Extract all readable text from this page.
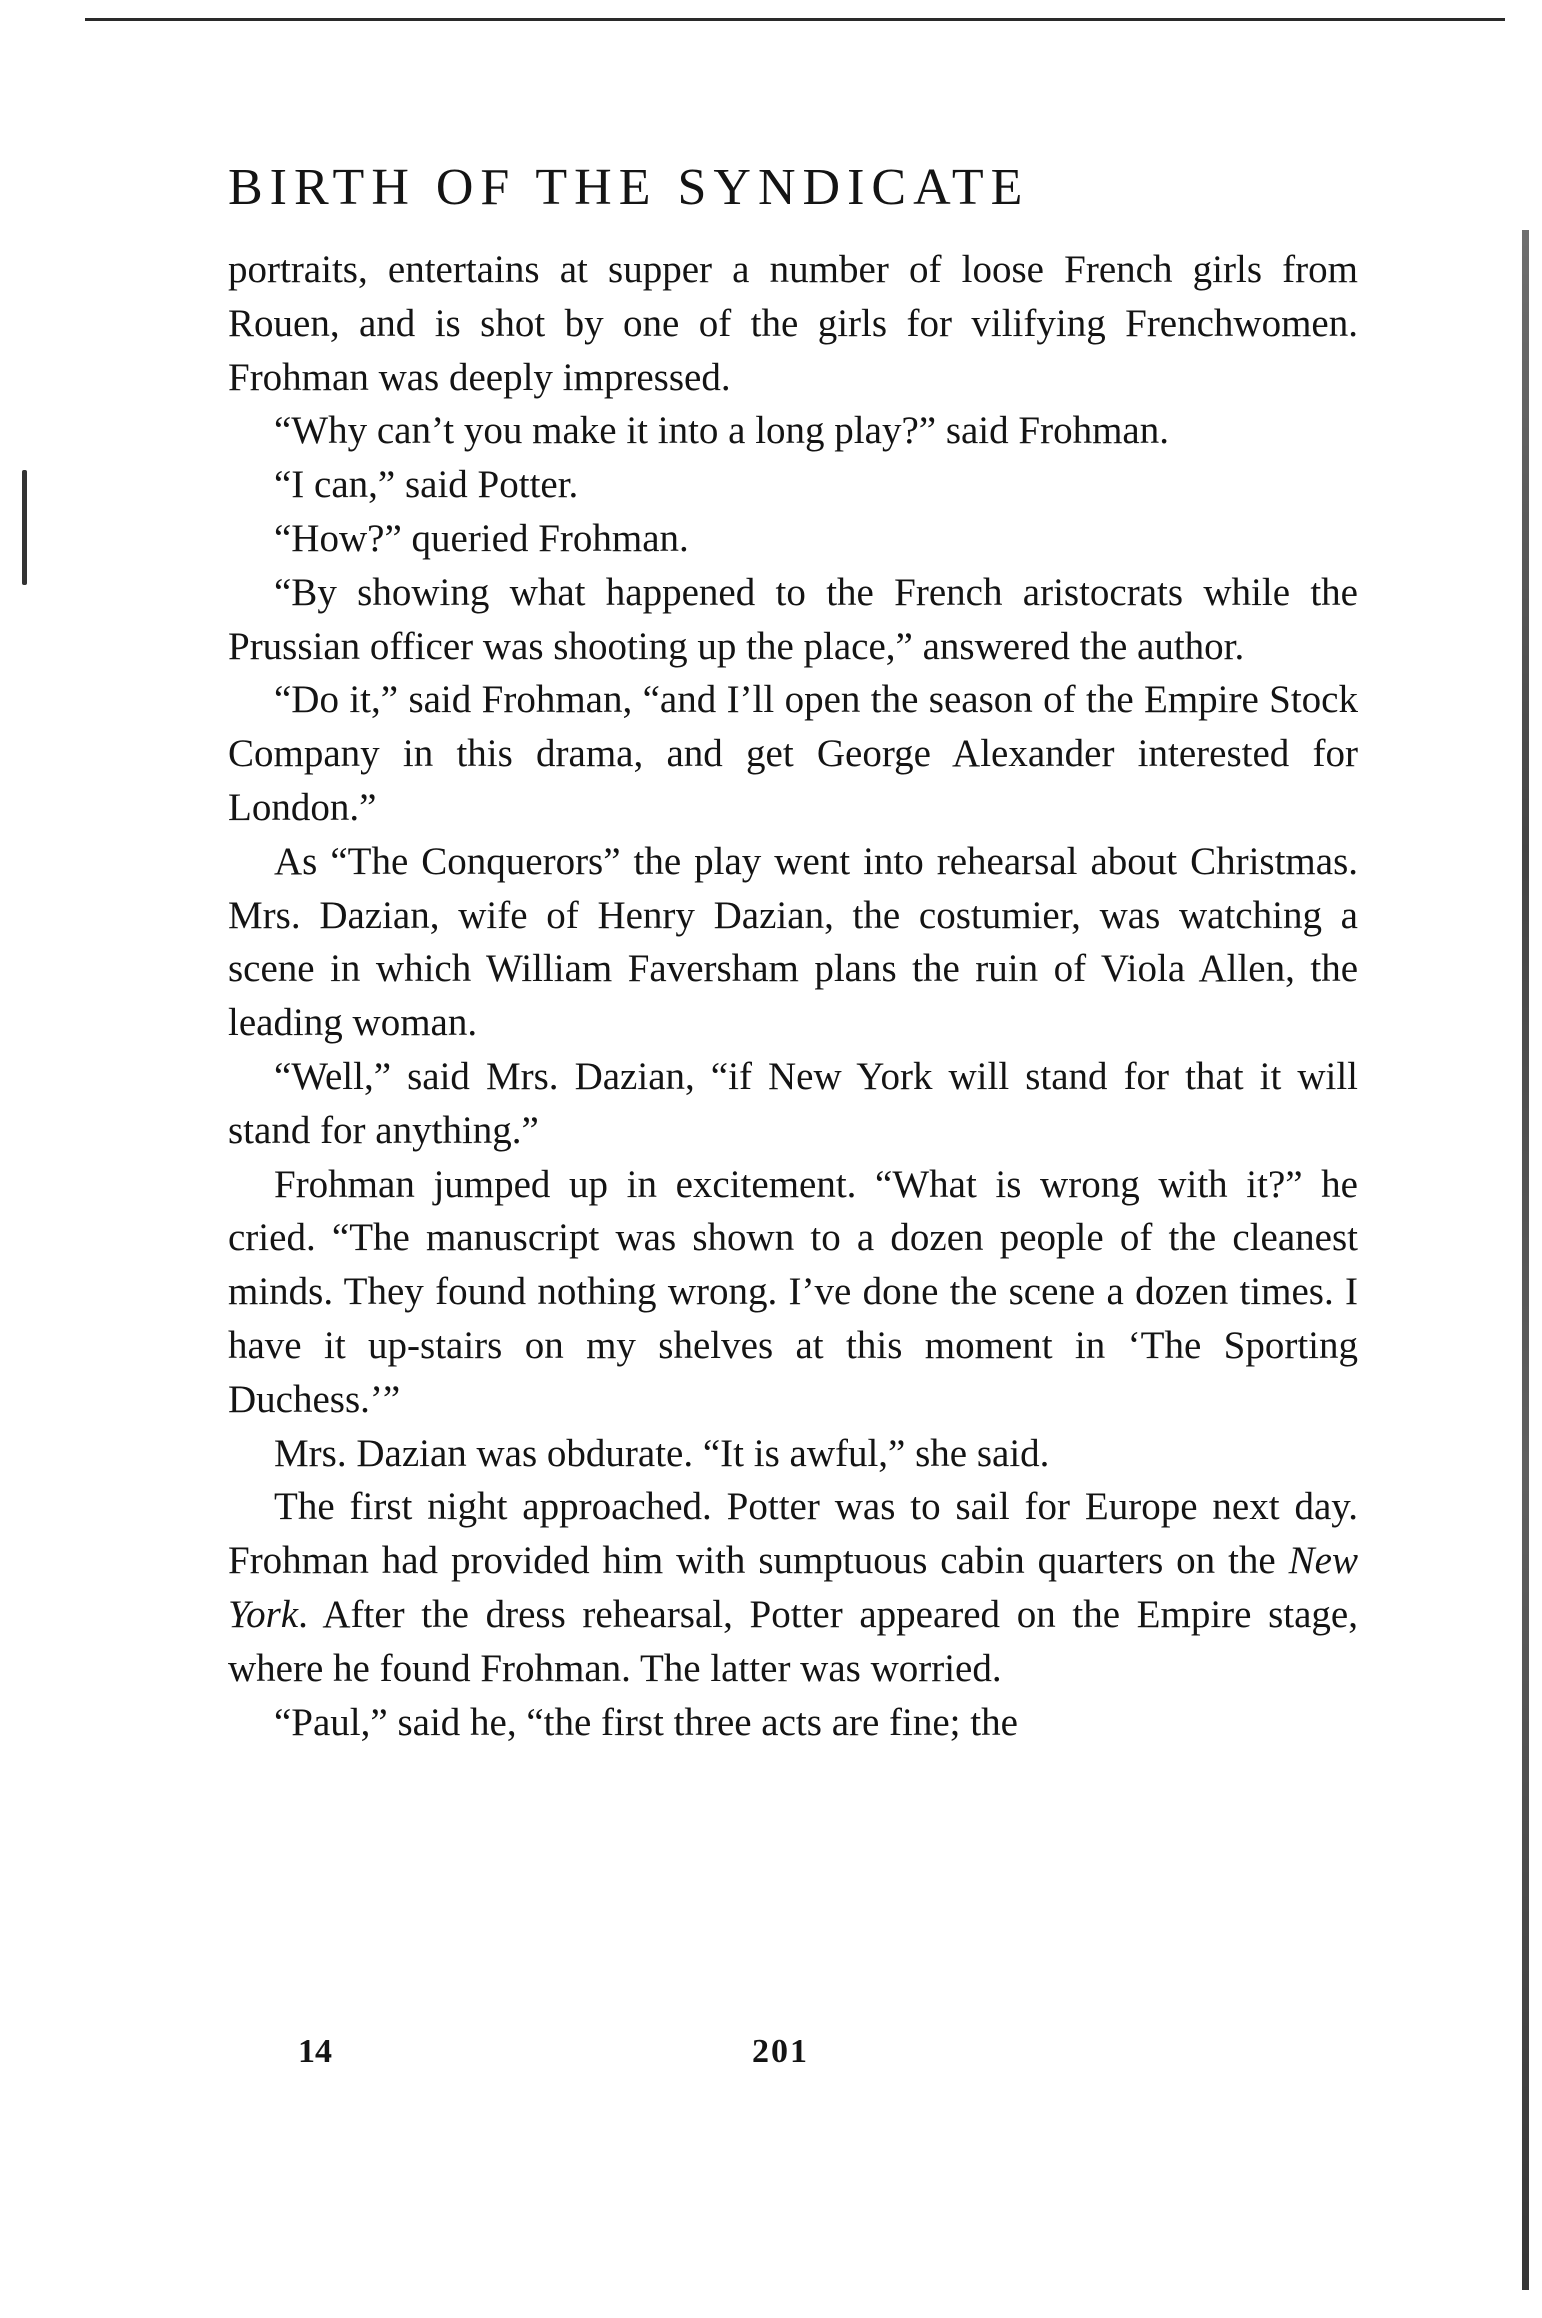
BIRTH OF THE SYNDICATE

portraits, entertains at supper a number of loose French girls from Rouen, and is shot by one of the girls for vilifying Frenchwomen. Frohman was deeply impressed.

“Why can’t you make it into a long play?” said Frohman.

“I can,” said Potter.

“How?” queried Frohman.

“By showing what happened to the French aristocrats while the Prussian officer was shooting up the place,” answered the author.

“Do it,” said Frohman, “and I’ll open the season of the Empire Stock Company in this drama, and get George Alexander interested for London.”

As “The Conquerors” the play went into rehearsal about Christmas. Mrs. Dazian, wife of Henry Dazian, the costumier, was watching a scene in which William Faversham plans the ruin of Viola Allen, the leading woman.

“Well,” said Mrs. Dazian, “if New York will stand for that it will stand for anything.”

Frohman jumped up in excitement. “What is wrong with it?” he cried. “The manuscript was shown to a dozen people of the cleanest minds. They found nothing wrong. I’ve done the scene a dozen times. I have it up-stairs on my shelves at this moment in ‘The Sporting Duchess.’”

Mrs. Dazian was obdurate. “It is awful,” she said.

The first night approached. Potter was to sail for Europe next day. Frohman had provided him with sumptuous cabin quarters on the New York. After the dress rehearsal, Potter appeared on the Empire stage, where he found Frohman. The latter was worried.

“Paul,” said he, “the first three acts are fine; the

14	201
